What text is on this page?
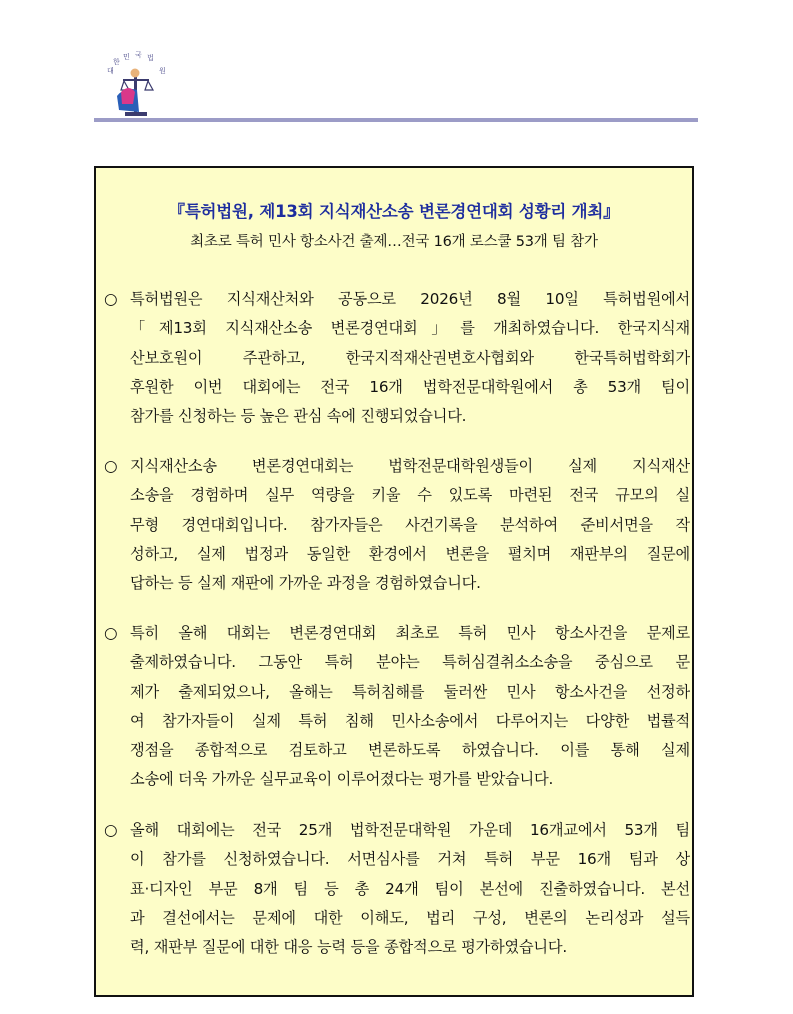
대
한
민 국 법
원
『특허법원, 제13회 지식재산소송 변론경연대회 성황리 개최』
최초로 특허 민사 항소사건 출제…전국 16개 로스쿨 53개 팀 참가
○ 특허법원은 지식재산처와 공동으로 2026년 8월 10일 특허법원에서
「제13회 지식재산소송 변론경연대회」를 개최하였습니다. 한국지식재
산보호원이 주관하고, 한국지적재산권변호사협회와 한국특허법학회가
후원한 이번 대회에는 전국 16개 법학전문대학원에서 총 53개 팀이
참가를 신청하는 등 높은 관심 속에 진행되었습니다.
○ 지식재산소송 변론경연대회는 법학전문대학원생들이 실제 지식재산
소송을 경험하며 실무 역량을 키울 수 있도록 마련된 전국 규모의 실
무형 경연대회입니다. 참가자들은 사건기록을 분석하여 준비서면을 작
성하고, 실제 법정과 동일한 환경에서 변론을 펼치며 재판부의 질문에
답하는 등 실제 재판에 가까운 과정을 경험하였습니다.
○ 특히 올해 대회는 변론경연대회 최초로 특허 민사 항소사건을 문제로
출제하였습니다. 그동안 특허 분야는 특허심결취소소송을 중심으로 문
제가 출제되었으나, 올해는 특허침해를 둘러싼 민사 항소사건을 선정하
여 참가자들이 실제 특허 침해 민사소송에서 다루어지는 다양한 법률적
쟁점을 종합적으로 검토하고 변론하도록 하였습니다. 이를 통해 실제
소송에 더욱 가까운 실무교육이 이루어졌다는 평가를 받았습니다.
○ 올해 대회에는 전국 25개 법학전문대학원 가운데 16개교에서 53개 팀
이 참가를 신청하였습니다. 서면심사를 거쳐 특허 부문 16개 팀과 상
표·디자인 부문 8개 팀 등 총 24개 팀이 본선에 진출하였습니다. 본선
과 결선에서는 문제에 대한 이해도, 법리 구성, 변론의 논리성과 설득
력, 재판부 질문에 대한 대응 능력 등을 종합적으로 평가하였습니다.
